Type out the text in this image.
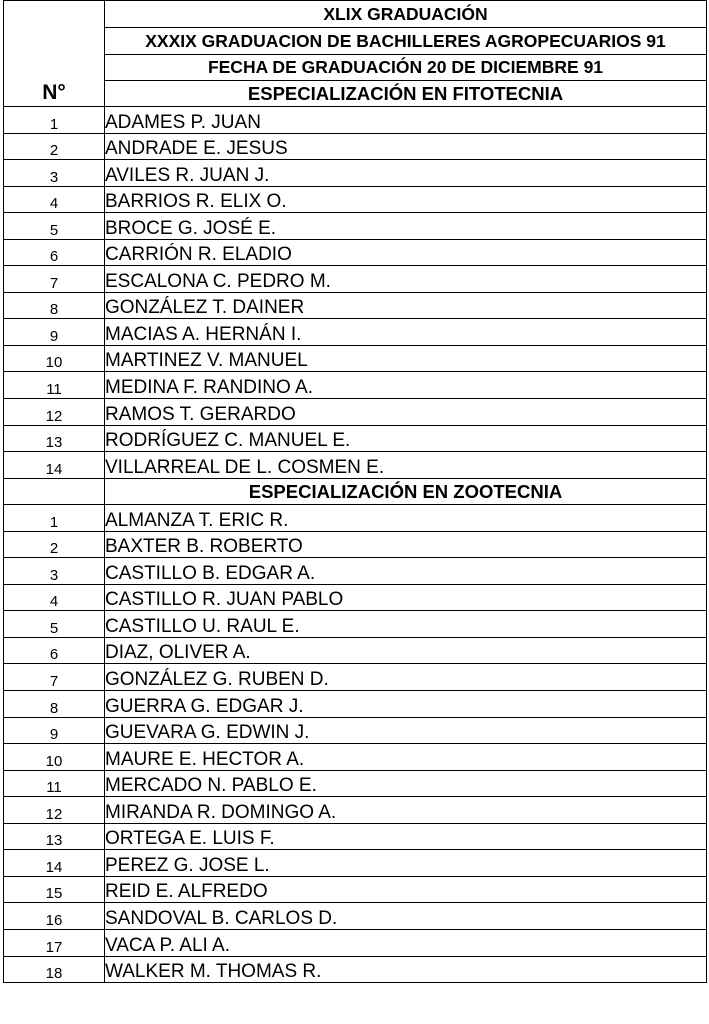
N°	XLIX GRADUACIÓN
	XXXIX GRADUACION DE BACHILLERES AGROPECUARIOS 91
	FECHA DE GRADUACIÓN 20 DE DICIEMBRE 91
	ESPECIALIZACIÓN EN FITOTECNIA
1	ADAMES P. JUAN
2	ANDRADE E. JESUS
3	AVILES R. JUAN J.
4	BARRIOS R. ELIX O.
5	BROCE G. JOSÉ E.
6	CARRIÓN R. ELADIO
7	ESCALONA C. PEDRO M.
8	GONZÁLEZ T. DAINER
9	MACIAS A. HERNÁN I.
10	MARTINEZ V. MANUEL
11	MEDINA F. RANDINO A.
12	RAMOS T. GERARDO
13	RODRÍGUEZ C. MANUEL E.
14	VILLARREAL DE L. COSMEN E.
	ESPECIALIZACIÓN EN ZOOTECNIA
1	ALMANZA T. ERIC R.
2	BAXTER B. ROBERTO
3	CASTILLO B. EDGAR A.
4	CASTILLO R. JUAN PABLO
5	CASTILLO U. RAUL E.
6	DIAZ, OLIVER A.
7	GONZÁLEZ G. RUBEN D.
8	GUERRA G. EDGAR J.
9	GUEVARA G. EDWIN J.
10	MAURE E. HECTOR A.
11	MERCADO N. PABLO E.
12	MIRANDA R. DOMINGO A.
13	ORTEGA E. LUIS F.
14	PEREZ G. JOSE L.
15	REID E. ALFREDO
16	SANDOVAL B. CARLOS D.
17	VACA P. ALI A.
18	WALKER M. THOMAS R.
